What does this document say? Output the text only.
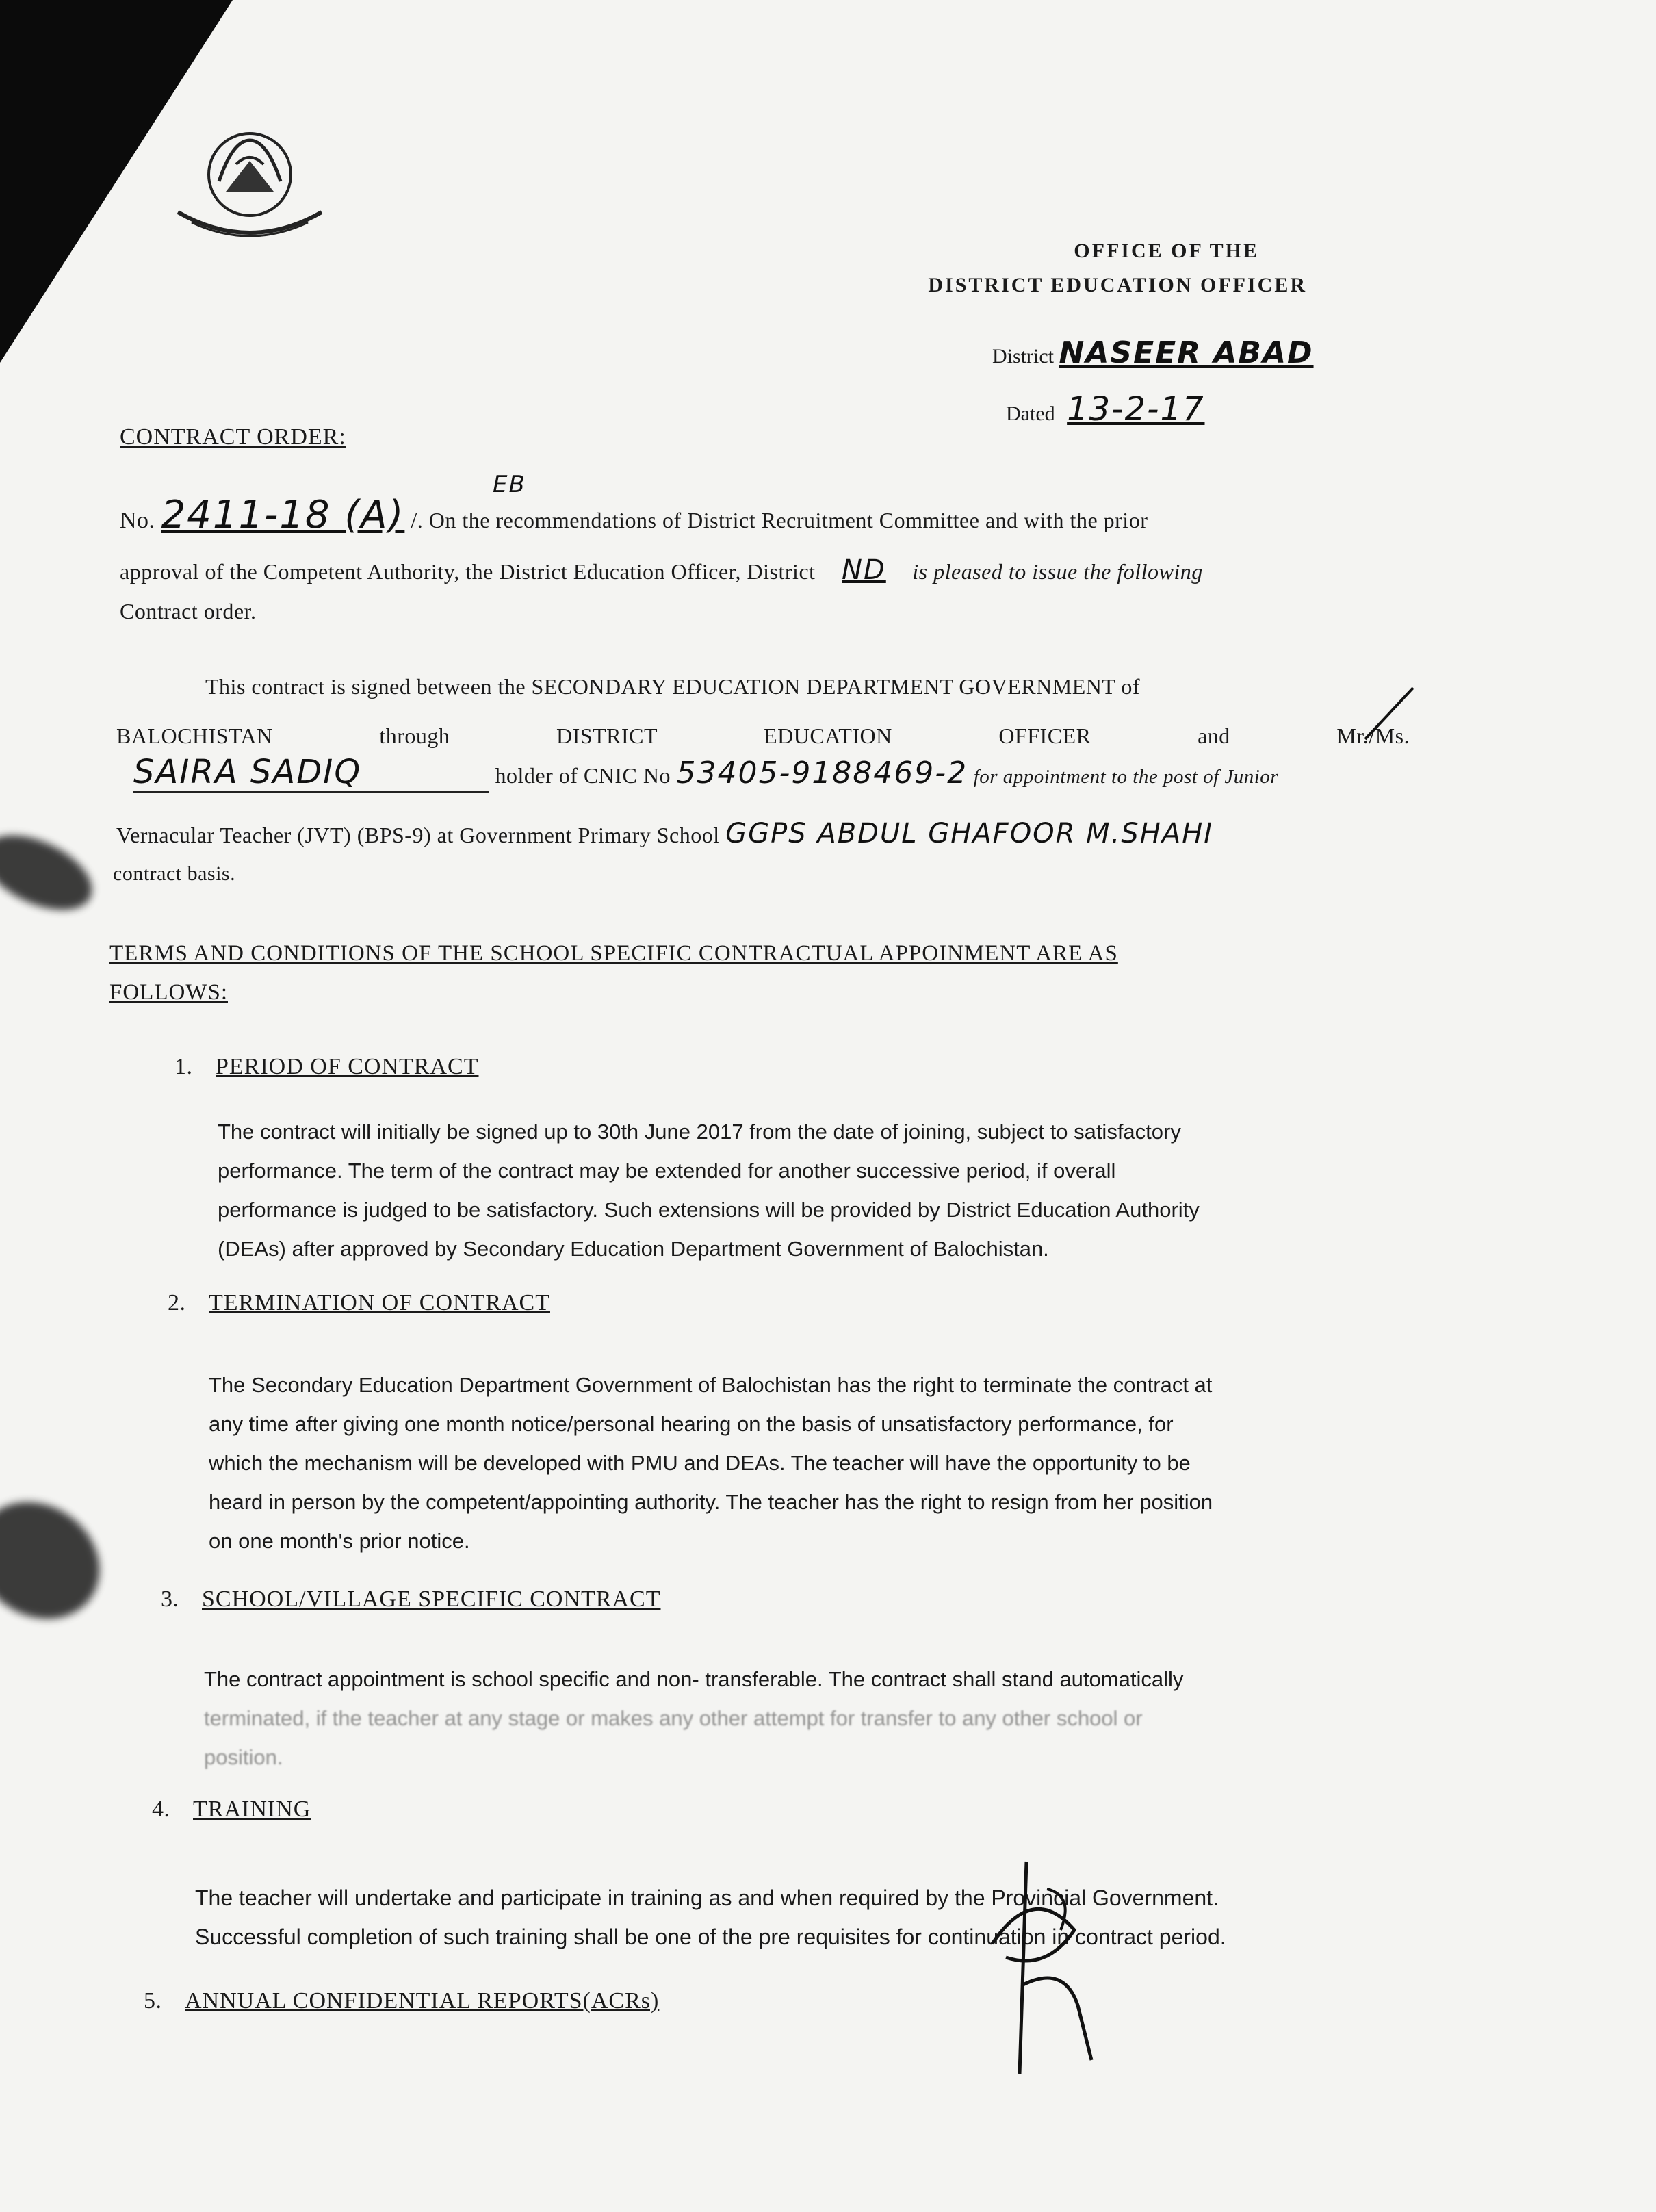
OFFICE OF THE
DISTRICT EDUCATION OFFICER
District NASEER ABAD
Dated 13-2-17
CONTRACT ORDER:
EB
No. 2411-18 (A) /. On the recommendations of District Recruitment Committee and with the prior
approval of the Competent Authority, the District Education Officer, District ND is pleased to issue the following
Contract order.
This contract is signed between the SECONDARY EDUCATION DEPARTMENT GOVERNMENT of
BALOCHISTAN	through	DISTRICT	EDUCATION	OFFICER	and	Mr./Ms.
SAIRA SADIQ	holder of CNIC No 53405-9188469-2 for appointment to the post of Junior
Vernacular Teacher (JVT) (BPS-9) at Government Primary School GGPS ABDUL GHAFOOR M.SHAHI
contract basis.
TERMS AND CONDITIONS OF THE SCHOOL SPECIFIC CONTRACTUAL APPOINMENT ARE AS
FOLLOWS:
1. PERIOD OF CONTRACT
The contract will initially be signed up to 30th June 2017 from the date of joining, subject to satisfactory
performance. The term of the contract may be extended for another successive period, if overall
performance is judged to be satisfactory. Such extensions will be provided by District Education Authority
(DEAs) after approved by Secondary Education Department Government of Balochistan.
2. TERMINATION OF CONTRACT
The Secondary Education Department Government of Balochistan has the right to terminate the contract at
any time after giving one month notice/personal hearing on the basis of unsatisfactory performance, for
which the mechanism will be developed with PMU and DEAs. The teacher will have the opportunity to be
heard in person by the competent/appointing authority. The teacher has the right to resign from her position
on one month's prior notice.
3. SCHOOL/VILLAGE SPECIFIC CONTRACT
The contract appointment is school specific and non- transferable. The contract shall stand automatically
terminated, if the teacher at any stage or makes any other attempt for transfer to any other school or
position.
4. TRAINING
The teacher will undertake and participate in training as and when required by the Provincial Government.
Successful completion of such training shall be one of the pre requisites for continuation in contract period.
5. ANNUAL CONFIDENTIAL REPORTS(ACRs)
